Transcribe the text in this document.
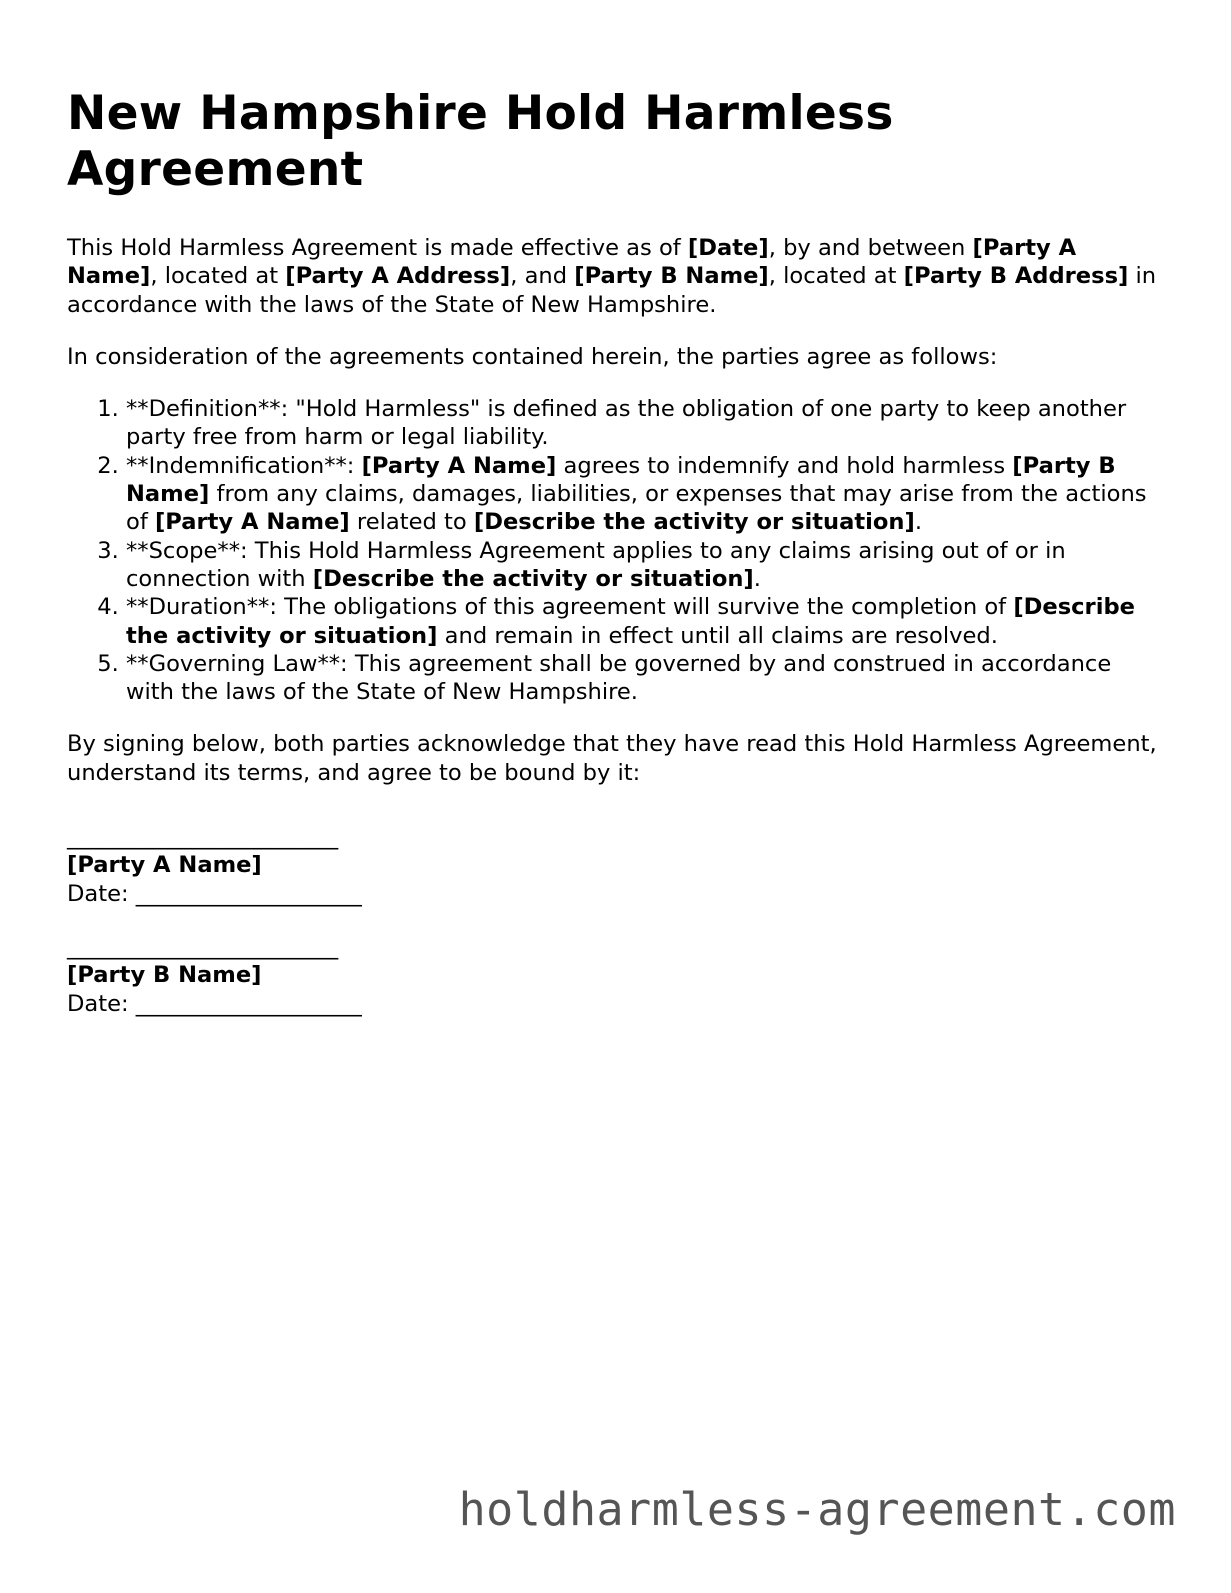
New Hampshire Hold Harmless Agreement

This Hold Harmless Agreement is made effective as of [Date], by and between [Party A Name], located at [Party A Address], and [Party B Name], located at [Party B Address] in accordance with the laws of the State of New Hampshire.

In consideration of the agreements contained herein, the parties agree as follows:

1. **Definition**: "Hold Harmless" is defined as the obligation of one party to keep another party free from harm or legal liability.
2. **Indemnification**: [Party A Name] agrees to indemnify and hold harmless [Party B Name] from any claims, damages, liabilities, or expenses that may arise from the actions of [Party A Name] related to [Describe the activity or situation].
3. **Scope**: This Hold Harmless Agreement applies to any claims arising out of or in connection with [Describe the activity or situation].
4. **Duration**: The obligations of this agreement will survive the completion of [Describe the activity or situation] and remain in effect until all claims are resolved.
5. **Governing Law**: This agreement shall be governed by and construed in accordance with the laws of the State of New Hampshire.

By signing below, both parties acknowledge that they have read this Hold Harmless Agreement, understand its terms, and agree to be bound by it:

________________________
[Party A Name]
Date: ____________________
________________________
[Party B Name]
Date: ____________________
holdharmless-agreement.com
